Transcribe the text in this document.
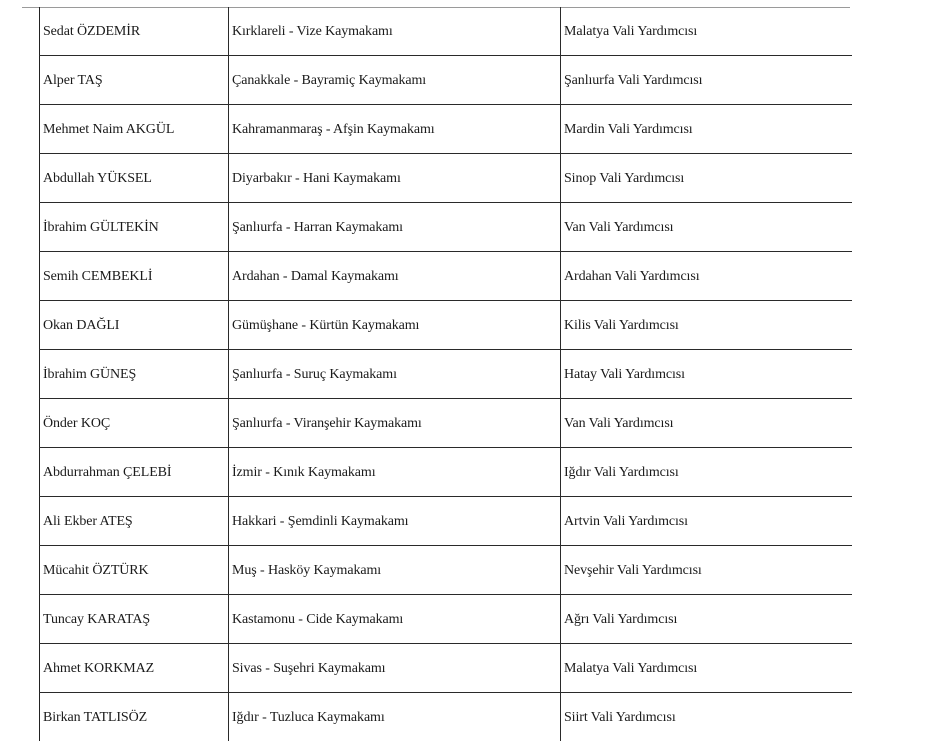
Sedat ÖZDEMİR	Kırklareli - Vize Kaymakamı	Malatya Vali Yardımcısı
Alper TAŞ	Çanakkale - Bayramiç Kaymakamı	Şanlıurfa Vali Yardımcısı
Mehmet Naim AKGÜL	Kahramanmaraş - Afşin Kaymakamı	Mardin Vali Yardımcısı
Abdullah YÜKSEL	Diyarbakır - Hani Kaymakamı	Sinop Vali Yardımcısı
İbrahim GÜLTEKİN	Şanlıurfa - Harran Kaymakamı	Van Vali Yardımcısı
Semih CEMBEKLİ	Ardahan - Damal Kaymakamı	Ardahan Vali Yardımcısı
Okan DAĞLI	Gümüşhane - Kürtün Kaymakamı	Kilis Vali Yardımcısı
İbrahim GÜNEŞ	Şanlıurfa - Suruç Kaymakamı	Hatay Vali Yardımcısı
Önder KOÇ	Şanlıurfa - Viranşehir Kaymakamı	Van Vali Yardımcısı
Abdurrahman ÇELEBİ	İzmir - Kınık Kaymakamı	Iğdır Vali Yardımcısı
Ali Ekber ATEŞ	Hakkari - Şemdinli Kaymakamı	Artvin Vali Yardımcısı
Mücahit ÖZTÜRK	Muş - Hasköy Kaymakamı	Nevşehir Vali Yardımcısı
Tuncay KARATAŞ	Kastamonu - Cide Kaymakamı	Ağrı Vali Yardımcısı
Ahmet KORKMAZ	Sivas - Suşehri Kaymakamı	Malatya Vali Yardımcısı
Birkan TATLISÖZ	Iğdır - Tuzluca Kaymakamı	Siirt Vali Yardımcısı
